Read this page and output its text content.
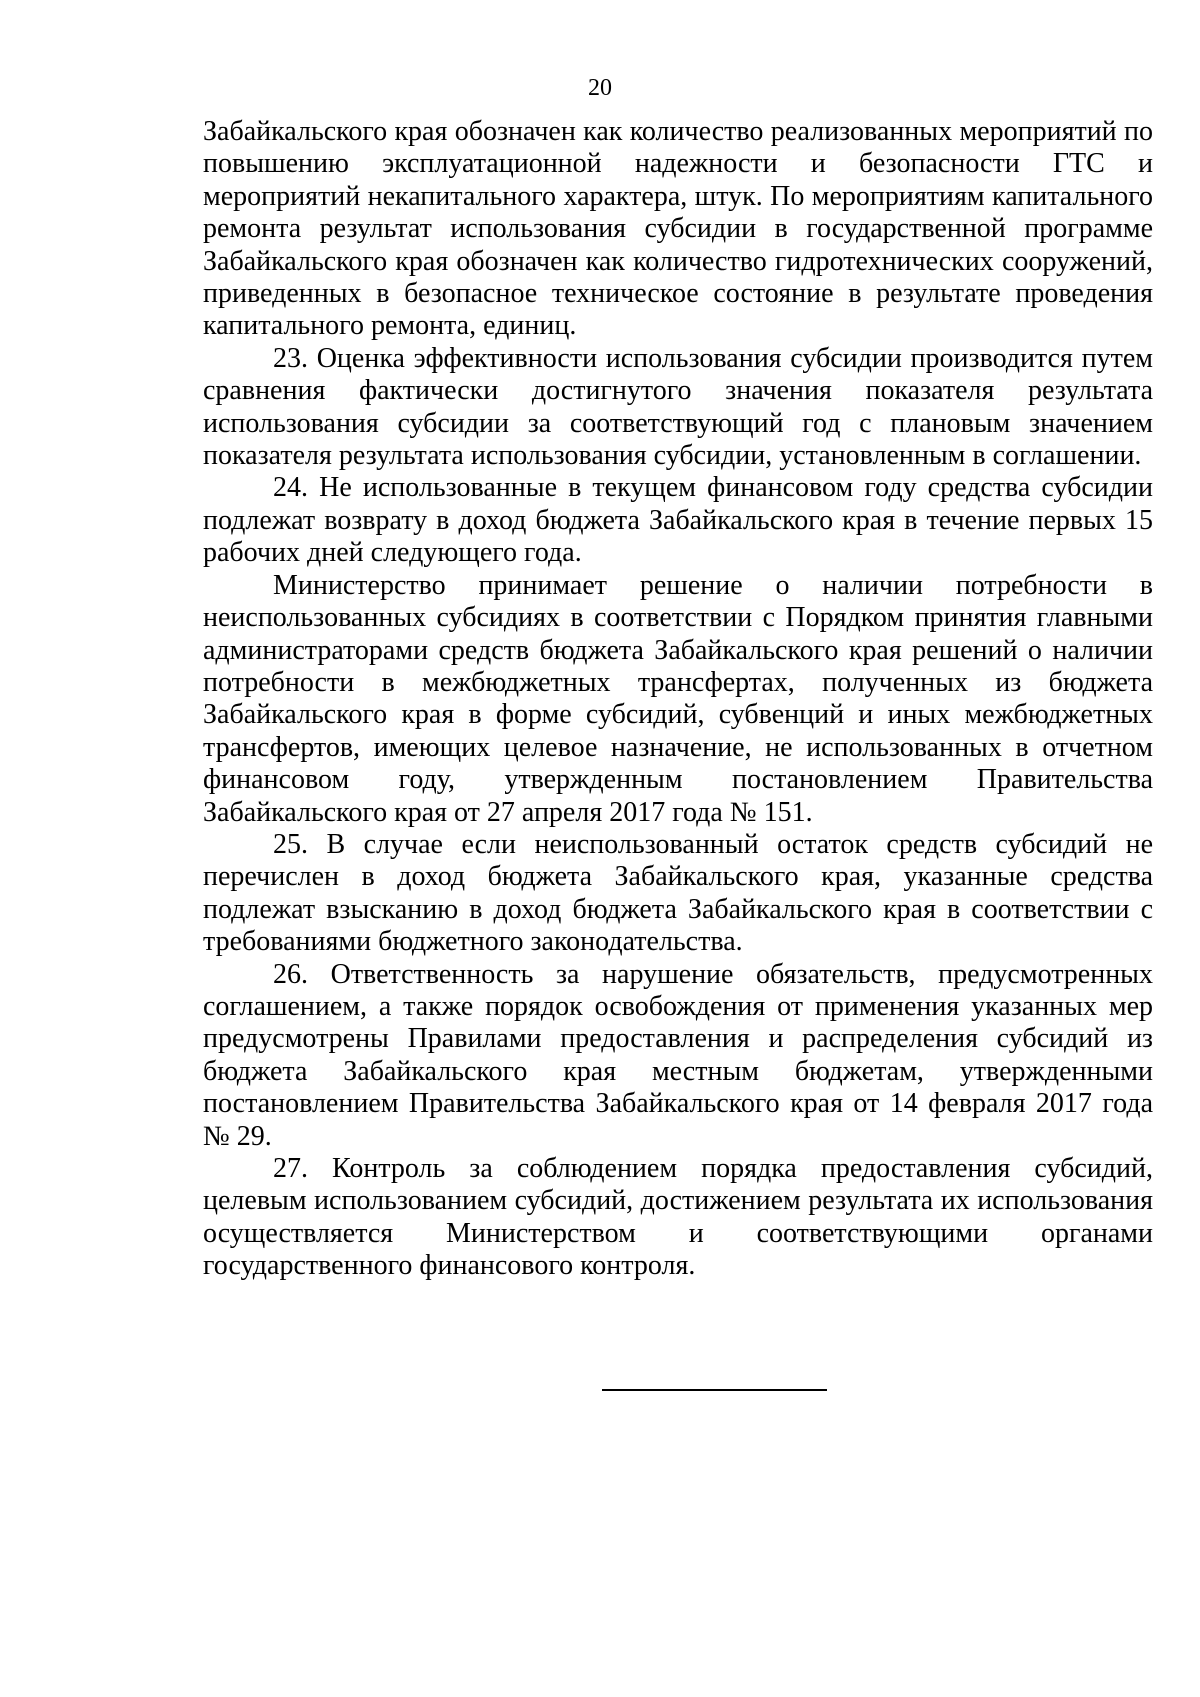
20

Забайкальского края обозначен как количество реализованных мероприятий по повышению эксплуатационной надежности и безопасности ГТС и мероприятий некапитального характера, штук. По мероприятиям капитального ремонта результат использования субсидии в государственной программе Забайкальского края обозначен как количество гидротехнических сооружений, приведенных в безопасное техническое состояние в результате проведения капитального ремонта, единиц.

23. Оценка эффективности использования субсидии производится путем сравнения фактически достигнутого значения показателя результата использования субсидии за соответствующий год с плановым значением показателя результата использования субсидии, установленным в соглашении.

24. Не использованные в текущем финансовом году средства субсидии подлежат возврату в доход бюджета Забайкальского края в течение первых 15 рабочих дней следующего года.

Министерство принимает решение о наличии потребности в неиспользованных субсидиях в соответствии с Порядком принятия главными администраторами средств бюджета Забайкальского края решений о наличии потребности в межбюджетных трансфертах, полученных из бюджета Забайкальского края в форме субсидий, субвенций и иных межбюджетных трансфертов, имеющих целевое назначение, не использованных в отчетном финансовом году, утвержденным постановлением Правительства Забайкальского края от 27 апреля 2017 года № 151.

25. В случае если неиспользованный остаток средств субсидий не перечислен в доход бюджета Забайкальского края, указанные средства подлежат взысканию в доход бюджета Забайкальского края в соответствии с требованиями бюджетного законодательства.

26. Ответственность за нарушение обязательств, предусмотренных соглашением, а также порядок освобождения от применения указанных мер предусмотрены Правилами предоставления и распределения субсидий из бюджета Забайкальского края местным бюджетам, утвержденными постановлением Правительства Забайкальского края от 14 февраля 2017 года № 29.

27. Контроль за соблюдением порядка предоставления субсидий, целевым использованием субсидий, достижением результата их использования осуществляется Министерством и соответствующими органами государственного финансового контроля.
